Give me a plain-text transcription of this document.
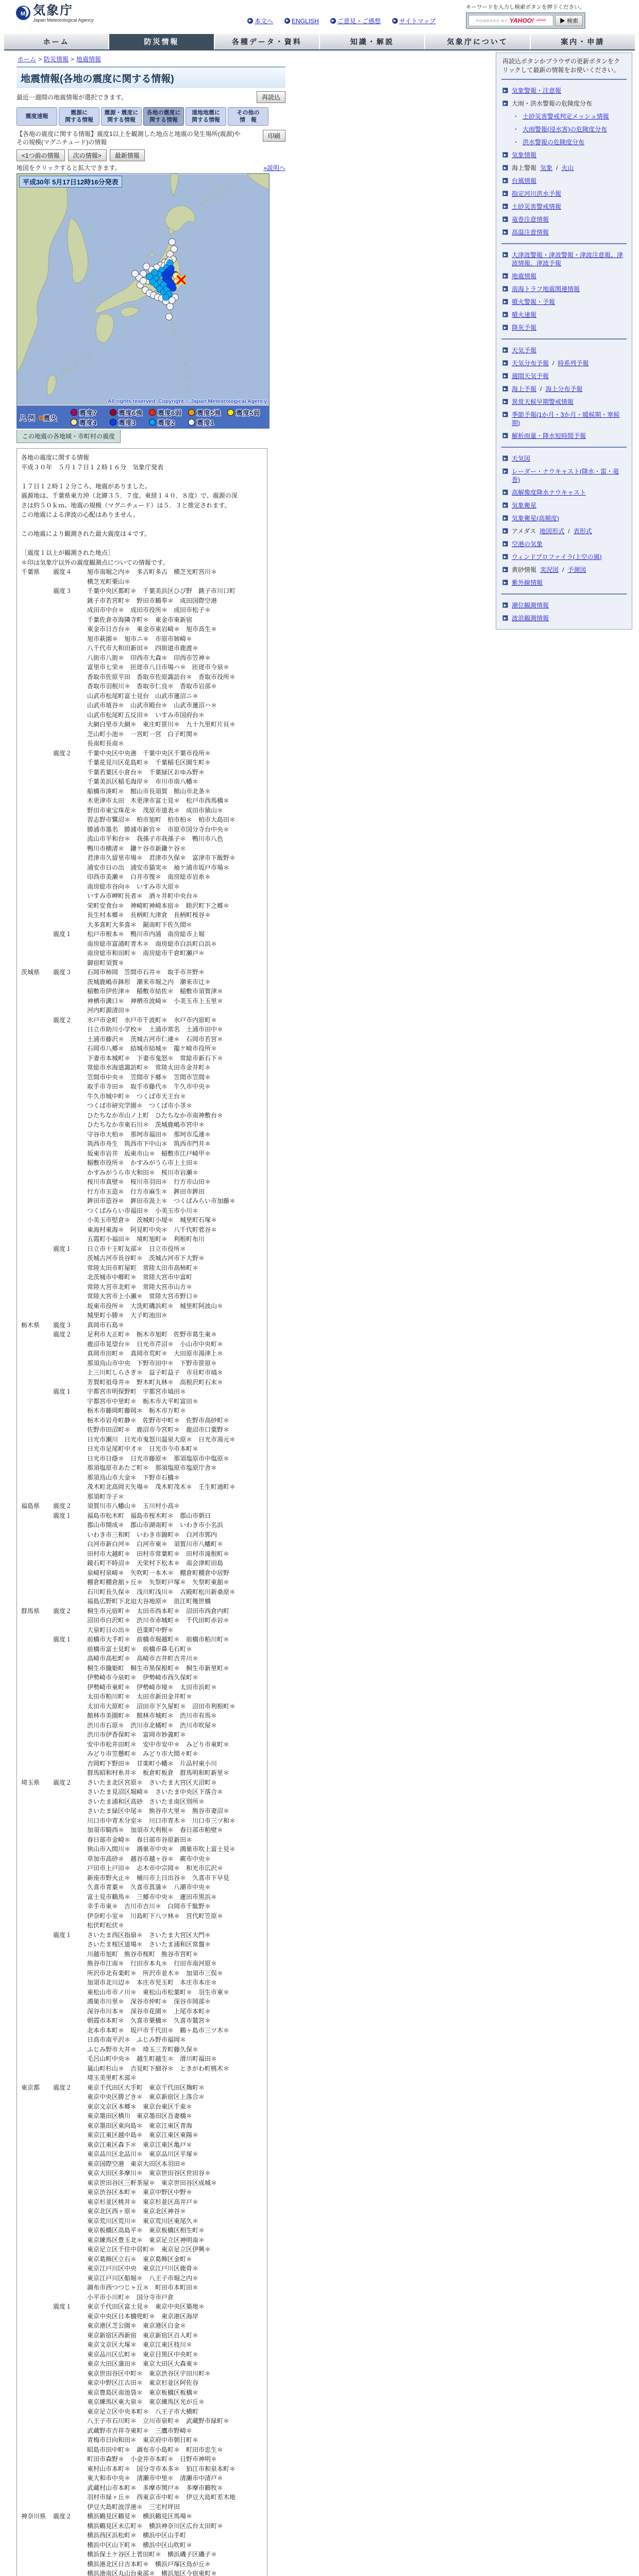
M 気象庁
Japan Meteorological Agency	▶ 本文へ	▶ ENGLISH	▶ ご意見・ご感想	▶ サイトマップ
キーワードを入力し検索ボタンを押下ください。
POWERED BY YAHOO! JAPAN	▶ 検索
ホーム	防災情報	各種データ・資料	知識・解説	気象庁について	案内・申請
ホーム > 防災情報 > 地震情報
地震情報(各地の震度に関する情報)
最近一週間の地震情報が選択できます。	再読込
震度速報
震源に
関する情報
震源・震度に
関する情報
各地の震度に
関する情報
遠地地震に
関する情報
その他の
情　報
【各地の震度に関する情報】震度1以上を観測した地点と地震の発生場所(震源)やその規模(マグニチュード)の情報
印刷
<1つ前の情報	次の情報>	最新情報
地図をクリックすると拡大できます。	»説明へ
平成30年 5月17日12時16分発表
All rights reserved. Copyright © Japan Meteorological Agency
凡 例 ×震央
震度7	震度6強 震度6弱 震度5強 震度5弱
震度4	震度3	震度2	震度1
この地震の各地域・市町村の震度
各地の震度に関する情報
平成３０年　５月１７日１２時１６分　気象庁発表

１７日１２時１２分ころ、地震がありました。
震源地は、千葉県東方沖（北緯３５．７度、東経１４０．８度）で、震源の深
さは約５０ｋｍ、地震の規模（マグニチュード）は５．３と推定されます。
この地震による津波の心配はありません。

この地震により観測された最大震度は４です。

［震度１以上が観測された地点］
＊印は気象庁以外の震度観測点についての情報です。
千葉県	震度４	旭市南堀之内＊　多古町多古　横芝光町宮川＊
横芝光町栗山＊
震度３	千葉中央区都町＊　千葉美浜区ひび野　銚子市川口町
銚子市若宮町＊　野田市鶴奉＊　成田国際空港
成田市中台＊　成田市役所＊　成田市松子＊
千葉佐倉市海隣寺町＊　東金市東新宿
東金市日吉台＊　東金市東岩崎＊　旭市高生＊
旭市萩園＊　旭市ニ＊　市原市姉崎＊
八千代市大和田新田＊　四街道市鹿渡＊
八街市八街＊　印西市大森＊　印西市笠神＊
富里市七栄＊　匝瑳市八日市場ハ＊　匝瑳市今泉＊
香取市佐原平田　香取市佐原諏訪台＊　香取市役所＊
香取市羽根川＊　香取市仁良＊　香取市岩部＊
山武市松尾町富士見台　山武市蓮沼ニ＊
山武市埴谷＊　山武市殿台＊　山武市蓮沼ハ＊
山武市松尾町五反田＊　いすみ市国府台＊
大網白里市大網＊　東庄町笹川＊　九十九里町片貝＊
芝山町小池＊　一宮町一宮　白子町関＊
長南町長南＊
震度２	千葉中央区中央港　千葉中央区千葉市役所＊
千葉花見川区花島町＊　千葉稲毛区園生町＊
千葉若葉区小倉台＊　千葉緑区おゆみ野＊
千葉美浜区稲毛海岸＊　市川市南八幡＊
船橋市湊町＊　館山市長須賀　館山市北条＊
木更津市太田　木更津市富士見＊　松戸市西馬橋＊
野田市東宝珠花＊　茂原市道表＊　成田市猿山＊
習志野市鷺沼＊　柏市旭町　柏市柏＊　柏市大島田＊
勝浦市墨名　勝浦市新官＊　市原市国分寺台中央＊
流山市平和台＊　我孫子市我孫子＊　鴨川市八色
鴨川市横渚＊　鎌ケ谷市新鎌ケ谷＊
君津市久留里市場＊　君津市久保＊　富津市下飯野＊
浦安市日の出　浦安市猫実＊　袖ケ浦市坂戸市場＊
印西市美瀬＊　白井市復＊　南房総市岩糸＊
南房総市谷向＊　いすみ市大原＊
いすみ市岬町長者＊　酒々井町中央台＊
栄町安食台＊　神崎町神崎本宿＊　睦沢町下之郷＊
長生村本郷＊　長柄町大津倉　長柄町桜谷＊
大多喜町大多喜＊　鋸南町下佐久間＊
震度１	松戸市根本＊　鴨川市内浦　南房総市上堀
南房総市富浦町青木＊　南房総市白浜町白浜＊
南房総市和田町＊　南房総市千倉町瀬戸＊
御宿町須賀＊
茨城県	震度３	石岡市柿岡　笠間市石井＊　取手市井野＊
茨城鹿嶋市鉢形　潮来市堀之内　潮来市辻＊
稲敷市伊佐津＊　稲敷市結佐＊　稲敷市須賀津＊
神栖市溝口＊　神栖市波崎＊　小美玉市上玉里＊
河内町源清田＊
震度２	水戸市金町　水戸市千波町＊　水戸市内原町＊
日立市助川小学校＊　土浦市常名　土浦市田中＊
土浦市藤沢＊　茨城古河市仁連＊　石岡市若宮＊
石岡市八郷＊　結城市結城＊　龍ケ崎市役所＊
下妻市本城町＊　下妻市鬼怒＊　常総市新石下＊
常総市水海道諏訪町＊　常陸太田市金井町＊
笠間市中央＊　笠間市下郷＊　笠間市笠間＊
取手市寺田＊　取手市藤代＊　牛久市中央＊
牛久市城中町＊　つくば市天王台＊
つくば市研究学園＊　つくば市小茎＊
ひたちなか市山ノ上町　ひたちなか市南神敷台＊
ひたちなか市東石川＊　茨城鹿嶋市宮中＊
守谷市大柏＊　那珂市福田＊　那珂市瓜連＊
筑西市舟生　筑西市下中山＊　筑西市門井＊
坂東市岩井　坂東市山＊　稲敷市江戸崎甲＊
稲敷市役所＊　かすみがうら市上土田＊
かすみがうら市大和田＊　桜川市岩瀬＊
桜川市真壁＊　桜川市羽田＊　行方市山田＊
行方市玉造＊　行方市麻生＊　鉾田市鉾田
鉾田市造谷＊　鉾田市汲上＊　つくばみらい市加藤＊
つくばみらい市福田＊　小美玉市小川＊
小美玉市堅倉＊　茨城町小堤＊　城里町石塚＊
東海村東海＊　阿見町中央＊　八千代町菅谷＊
五霞町小福田＊　境町旭町＊　利根町布川
震度１	日立市十王町友部＊　日立市役所＊
茨城古河市長谷町＊　茨城古河市下大野＊
常陸太田市町屋町　常陸太田市高柿町＊
北茨城市中郷町＊　常陸大宮市中富町
常陸大宮市北町＊　常陸大宮市山方＊
常陸大宮市上小瀬＊　常陸大宮市野口＊
坂東市役所＊　大洗町磯浜町＊　城里町阿波山＊
城里町小勝＊　大子町池田＊
栃木県	震度３	真岡市石島＊
震度２	足利市大正町＊　栃木市旭町　佐野市葛生東＊
鹿沼市晃望台＊　日光市芹沼＊　小山市中央町＊
真岡市田町＊　真岡市荒町＊　大田原市湯津上＊
那須烏山市中央　下野市田中＊　下野市笹原＊
上三川町しらさぎ＊　益子町益子　市貝町市塙＊
芳賀町祖母井＊　野木町丸林＊　高根沢町石末＊
震度１	宇都宮市明保野町　宇都宮市塙田＊
宇都宮市中里町＊　栃木市大平町富田＊
栃木市藤岡町藤岡＊　栃木市万町＊
栃木市岩舟町静＊　佐野市中町＊　佐野市高砂町＊
佐野市田沼町＊　鹿沼市今宮町＊　鹿沼市口粟野＊
日光市瀬川　日光市鬼怒川温泉大原＊　日光市湯元＊
日光市足尾町中才＊　日光市今市本町＊
日光市日蔭＊　日光市藤原＊　那須塩原市中塩原＊
那須塩原市あたご町＊　那須塩原市塩原庁舎＊
那須烏山市大金＊　下野市石橋＊
茂木町北高岡天矢場＊　茂木町茂木＊　壬生町通町＊
那須町寺子＊
福島県	震度２	須賀川市八幡山＊　玉川村小高＊
震度１	福島市松木町　福島市桜木町＊　郡山市朝日
郡山市開成＊　郡山市湖南町＊　いわき市小名浜
いわき市三和町　いわき市錦町＊　白河市郭内
白河市新白河＊　白河市東＊　須賀川市八幡町＊
田村市大越町＊　田村市常葉町＊　田村市滝根町＊
鏡石町不時沼＊　天栄村下松本＊　南会津町田島
泉崎村泉崎＊　矢吹町一本木＊　棚倉町棚倉中居野
棚倉町棚倉舘ヶ丘＊　矢祭町戸塚＊　矢祭町東舘＊
石川町長久保＊　浅川町浅川＊　古殿町松川新桑原＊
福島広野町下北迫大谷地原＊　浪江町幾世橋
群馬県	震度２	桐生市元宿町＊　太田市西本町＊　沼田市西倉内町
沼田市白沢町＊　渋川市赤城町＊　千代田町赤岩＊
大泉町日の出＊　邑楽町中野＊
震度１	前橋市大手町＊　前橋市堀越町＊　前橋市粕川町＊
前橋市富士見町＊　前橋市鼻毛石町＊
高崎市高松町＊　高崎市吉井町吉井川＊
桐生市織姫町　桐生市黒保根町＊　桐生市新里町＊
伊勢崎市今泉町＊　伊勢崎市西久保町＊
伊勢崎市東町＊　伊勢崎市境＊　太田市浜町＊
太田市粕川町＊　太田市新田金井町＊
太田市大原町＊　沼田市下久屋町＊　沼田市利根町＊
館林市美園町＊　館林市城町＊　渋川市有馬＊
渋川市石原＊　渋川市北橘町＊　渋川市吹屋＊
渋川市伊香保町＊　富岡市妙義町＊
安中市松井田町＊　安中市安中＊　みどり市東町＊
みどり市笠懸町＊　みどり市大間々町＊
吉岡町下野田＊　甘楽町小幡＊　片品村東小川
群馬昭和村糸井＊　板倉町板倉　群馬明和町新里＊
埼玉県	震度２	さいたま北区宮原＊　さいたま大宮区天沼町＊
さいたま見沼区堀崎＊　さいたま中央区下落合＊
さいたま浦和区高砂　さいたま南区別所＊
さいたま緑区中尾＊　熊谷市大里＊　熊谷市妻沼＊
川口市中青木分室＊　川口市青木＊　川口市三ツ和＊
加須市騎西＊　加須市大利根＊　春日部市粕壁＊
春日部市金崎＊　春日部市谷原新田＊
狭山市入間川＊　鴻巣市中央＊　鴻巣市吹上富士見＊
草加市高砂＊　越谷市越ヶ谷＊　蕨市中央＊
戸田市上戸田＊　志木市中宗岡＊　和光市広沢＊
新座市野火止＊　桶川市上日出谷＊　久喜市下早見
久喜市青葉＊　久喜市菖蒲＊　八潮市中央＊
富士見市鶴馬＊　三郷市中央＊　蓮田市黒浜＊
幸手市東＊　吉川市吉川＊　白岡市千駄野＊
伊奈町小室＊　川島町下八ツ林＊　宮代町笠原＊
松伏町松伏＊
震度１	さいたま西区指扇＊　さいたま大宮区大門＊
さいたま桜区道場＊　さいたま浦和区常盤＊
川越市旭町　熊谷市桜町　熊谷市宮町＊
熊谷市江南＊　行田市本丸＊　行田市南河原＊
所沢市北有楽町＊　所沢市並木＊　加須市三俣＊
加須市北川辺＊　本庄市児玉町　本庄市本庄＊
東松山市市ノ川＊　東松山市松葉町＊　羽生市東＊
鴻巣市川里＊　深谷市仲町＊　深谷市岡部＊
深谷市川本＊　深谷市花園＊　上尾市本町＊
朝霞市本町＊　久喜市栗橋＊　久喜市鷲宮＊
北本市本町＊　坂戸市千代田＊　鶴ヶ島市三ツ木＊
日高市南平沢＊　ふじみ野市福岡＊
ふじみ野市大井＊　埼玉三芳町藤久保＊
毛呂山町中央＊　越生町越生＊　滑川町福田＊
嵐山町杉山＊　吉見町下細谷＊　ときがわ町桃木＊
埼玉美里町木部＊
東京都	震度２	東京千代田区大手町　東京千代田区麹町＊
東京中央区勝どき＊　東京新宿区上落合＊
東京文京区本郷＊　東京台東区千束＊
東京墨田区横川　東京墨田区吾妻橋＊
東京墨田区東向島＊　東京江東区青海
東京江東区越中島＊　東京江東区東陽＊
東京江東区森下＊　東京江東区亀戸＊
東京品川区北品川＊　東京品川区平塚＊
東京国際空港　東京大田区本羽田＊
東京大田区多摩川＊　東京世田谷区世田谷＊
東京世田谷区三軒茶屋＊　東京世田谷区成城＊
東京渋谷区本町＊　東京中野区中野＊
東京杉並区桃井＊　東京杉並区高井戸＊
東京北区西ヶ原＊　東京北区神谷＊
東京荒川区荒川＊　東京荒川区東尾久＊
東京板橋区高島平＊　東京板橋区相生町＊
東京練馬区豊玉北＊　東京足立区神明南＊
東京足立区千住中居町＊　東京足立区伊興＊
東京葛飾区立石＊　東京葛飾区金町＊
東京江戸川区中央　東京江戸川区鹿骨＊
東京江戸川区船堀＊　八王子市堀之内＊
調布市西つつじヶ丘＊　町田市本町田＊
小平市小川町＊　国分寺市戸倉
震度１	東京千代田区富士見＊　東京中央区築地＊
東京中央区日本橋兜町＊　東京港区海岸
東京港区芝公園＊　東京港区白金＊
東京新宿区西新宿　東京新宿区百人町＊
東京文京区大塚＊　東京江東区枝川＊
東京品川区広町＊　東京目黒区中央町＊
東京大田区蒲田＊　東京大田区大森東＊
東京世田谷区中町＊　東京渋谷区宇田川町＊
東京中野区江古田＊　東京杉並区阿佐谷
東京豊島区南池袋＊　東京板橋区板橋＊
東京練馬区東大泉＊　東京練馬区光が丘＊
東京足立区中央本町＊　八王子市大横町
八王子市石川町＊　立川市泉町＊　武蔵野市緑町＊
武蔵野市吉祥寺東町＊　三鷹市野崎＊
青梅市日向和田＊　東京府中市朝日町＊
昭島市田中町＊　調布市小島町＊　町田市忠生＊
町田市森野＊　小金井市本町＊　日野市神明＊
東村山市本町＊　国分寺市本多＊　狛江市和泉本町＊
東大和市中央＊　清瀬市中里＊　清瀬市中清戸＊
武蔵村山市本町＊　多摩市関戸＊　多摩市鶴牧＊
羽村市緑ヶ丘＊　西東京市中町＊　伊豆大島町差木地
伊豆大島町波浮港＊　三宅村坪田
神奈川県	震度２	横浜鶴見区鶴見＊　横浜鶴見区馬場＊
横浜鶴見区末広町＊　横浜神奈川区広台太田町＊
横浜西区浜松町＊　横浜中区山手町
横浜中区山下町＊　横浜中区山吹町＊
横浜保土ケ谷区上菅田町＊　横浜磯子区磯子＊
横浜港北区日吉本町＊　横浜戸塚区鳥が丘＊
横浜港南区丸山台東部＊　横浜旭区今宿東町＊
再読込ボタンかブラウザの更新ボタンをクリックして最新の情報をお使いください。
▶ 気象警報・注意報
▶ 大雨・洪水警報の危険度分布
・ 土砂災害警戒判定メッシュ情報
・ 大雨警報(浸水害)の危険度分布
・ 洪水警報の危険度分布
▶ 気象情報
▶ 海上警報 気象 / 火山
▶ 台風情報
▶ 指定河川洪水予報
▶ 土砂災害警戒情報
▶ 竜巻注意情報
▶ 高温注意情報
▶ 大津波警報・津波警報・津波注意報、津波情報、津波予報
▶ 地震情報
▶ 南海トラフ地震関連情報
▶ 噴火警報・予報
▶ 噴火速報
▶ 降灰予報
▶ 天気予報
▶ 天気分布予報 / 時系列予報
▶ 週間天気予報
▶ 海上予報 / 海上分布予報
▶ 異常天候早期警戒情報
▶ 季節予報(1か月・3か月・暖候期・寒候期)
▶ 解析雨量・降水短時間予報
▶ 天気図
▶ レーダー・ナウキャスト(降水・雷・竜巻)
▶ 高解像度降水ナウキャスト
▶ 気象衛星
▶ 気象衛星(高頻度)
▶ アメダス 地図形式 / 表形式
▶ 空港の気象
▶ ウィンドプロファイラ(上空の風)
▶ 黄砂情報 実況図 / 予測図
▶ 紫外線情報
▶ 潮位観測情報
▶ 波浪観測情報
